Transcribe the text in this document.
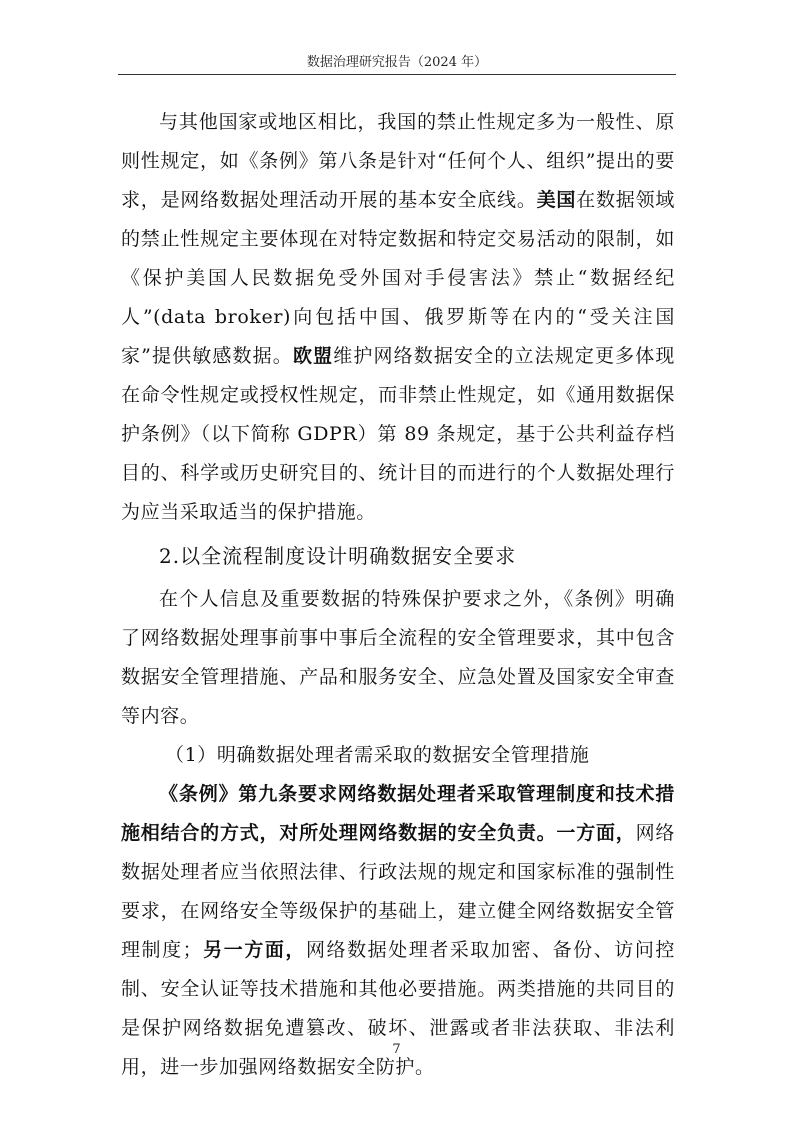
数据治理研究报告（2024 年）

与其他国家或地区相比，我国的禁止性规定多为一般性、原则性规定，如《条例》第八条是针对“任何个人、组织”提出的要求，是网络数据处理活动开展的基本安全底线。美国在数据领域的禁止性规定主要体现在对特定数据和特定交易活动的限制，如《保护美国人民数据免受外国对手侵害法》禁止“数据经纪人”(data broker)向包括中国、俄罗斯等在内的“受关注国家”提供敏感数据。欧盟维护网络数据安全的立法规定更多体现在命令性规定或授权性规定，而非禁止性规定，如《通用数据保护条例》（以下简称 GDPR）第 89 条规定，基于公共利益存档目的、科学或历史研究目的、统计目的而进行的个人数据处理行为应当采取适当的保护措施。

2.以全流程制度设计明确数据安全要求

在个人信息及重要数据的特殊保护要求之外，《条例》明确了网络数据处理事前事中事后全流程的安全管理要求，其中包含数据安全管理措施、产品和服务安全、应急处置及国家安全审查等内容。

（1）明确数据处理者需采取的数据安全管理措施

《条例》第九条要求网络数据处理者采取管理制度和技术措施相结合的方式，对所处理网络数据的安全负责。一方面，网络数据处理者应当依照法律、行政法规的规定和国家标准的强制性要求，在网络安全等级保护的基础上，建立健全网络数据安全管理制度；另一方面，网络数据处理者采取加密、备份、访问控制、安全认证等技术措施和其他必要措施。两类措施的共同目的是保护网络数据免遭篡改、破坏、泄露或者非法获取、非法利用，进一步加强网络数据安全防护。

7
